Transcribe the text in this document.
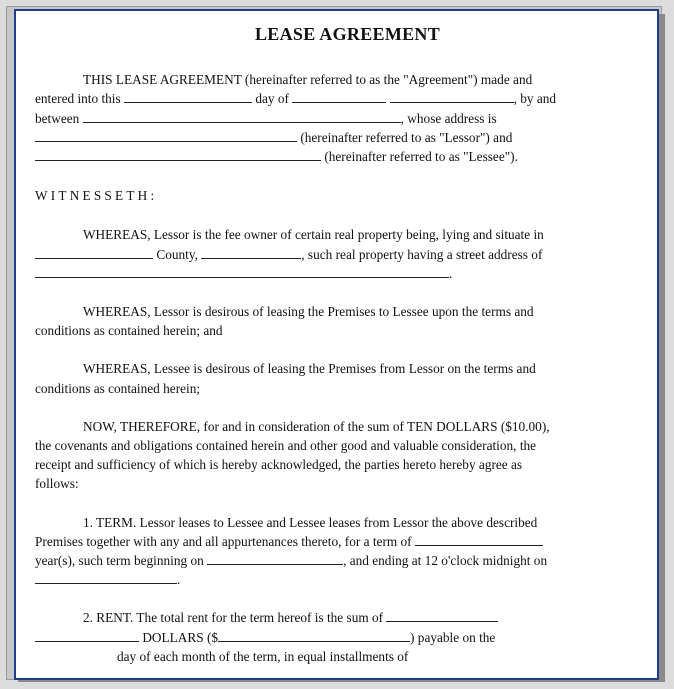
LEASE AGREEMENT

THIS LEASE AGREEMENT (hereinafter referred to as the "Agreement") made and

entered into this	day of	, by and

between	, whose address is

(hereinafter referred to as "Lessor") and

(hereinafter referred to as "Lessee").

WITNESSETH:

WHEREAS, Lessor is the fee owner of certain real property being, lying and situate in

County,	, such real property having a street address of

.

WHEREAS, Lessor is desirous of leasing the Premises to Lessee upon the terms and

conditions as contained herein; and

WHEREAS, Lessee is desirous of leasing the Premises from Lessor on the terms and

conditions as contained herein;

NOW, THEREFORE, for and in consideration of the sum of TEN DOLLARS ($10.00),

the covenants and obligations contained herein and other good and valuable consideration, the

receipt and sufficiency of which is hereby acknowledged, the parties hereto hereby agree as

follows:

1. TERM. Lessor leases to Lessee and Lessee leases from Lessor the above described

Premises together with any and all appurtenances thereto, for a term of

year(s), such term beginning on	, and ending at 12 o'clock midnight on

.

2. RENT. The total rent for the term hereof is the sum of

DOLLARS ($	) payable on the

day of each month of the term, in equal installments of
